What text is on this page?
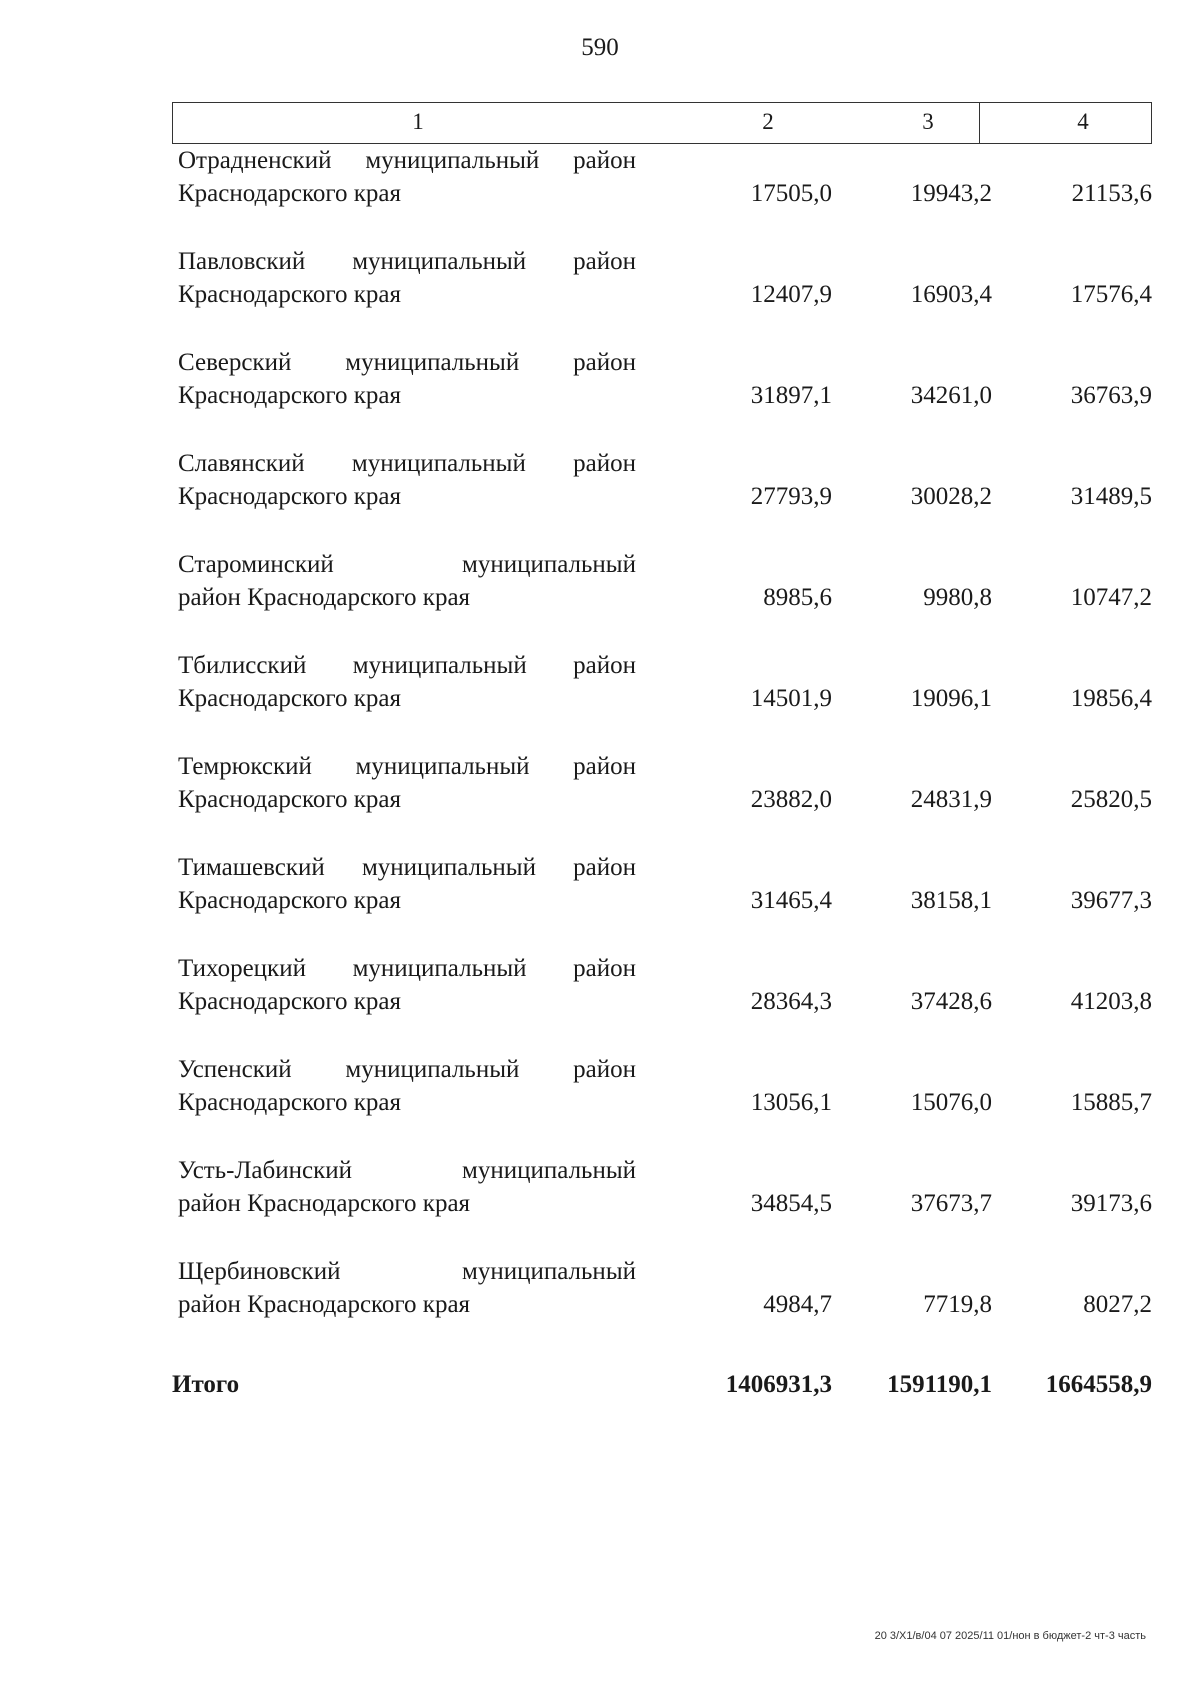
590
1	2	3	4
Отрадненский муниципальный район
Краснодарского края	17505,0	19943,2	21153,6
Павловский муниципальный район
Краснодарского края	12407,9	16903,4	17576,4
Северский муниципальный район
Краснодарского края	31897,1	34261,0	36763,9
Славянский муниципальный район
Краснодарского края	27793,9	30028,2	31489,5
Староминский муниципальный
район Краснодарского края	8985,6	9980,8	10747,2
Тбилисский муниципальный район
Краснодарского края	14501,9	19096,1	19856,4
Темрюкский муниципальный район
Краснодарского края	23882,0	24831,9	25820,5
Тимашевский муниципальный район
Краснодарского края	31465,4	38158,1	39677,3
Тихорецкий муниципальный район
Краснодарского края	28364,3	37428,6	41203,8
Успенский муниципальный район
Краснодарского края	13056,1	15076,0	15885,7
Усть-Лабинский муниципальный
район Краснодарского края	34854,5	37673,7	39173,6
Щербиновский муниципальный
район Краснодарского края	4984,7	7719,8	8027,2
Итого	1406931,3	1591190,1	1664558,9
20 3/Х1/в/04 07 2025/11 01/нон в бюджет-2 чт-3 часть
